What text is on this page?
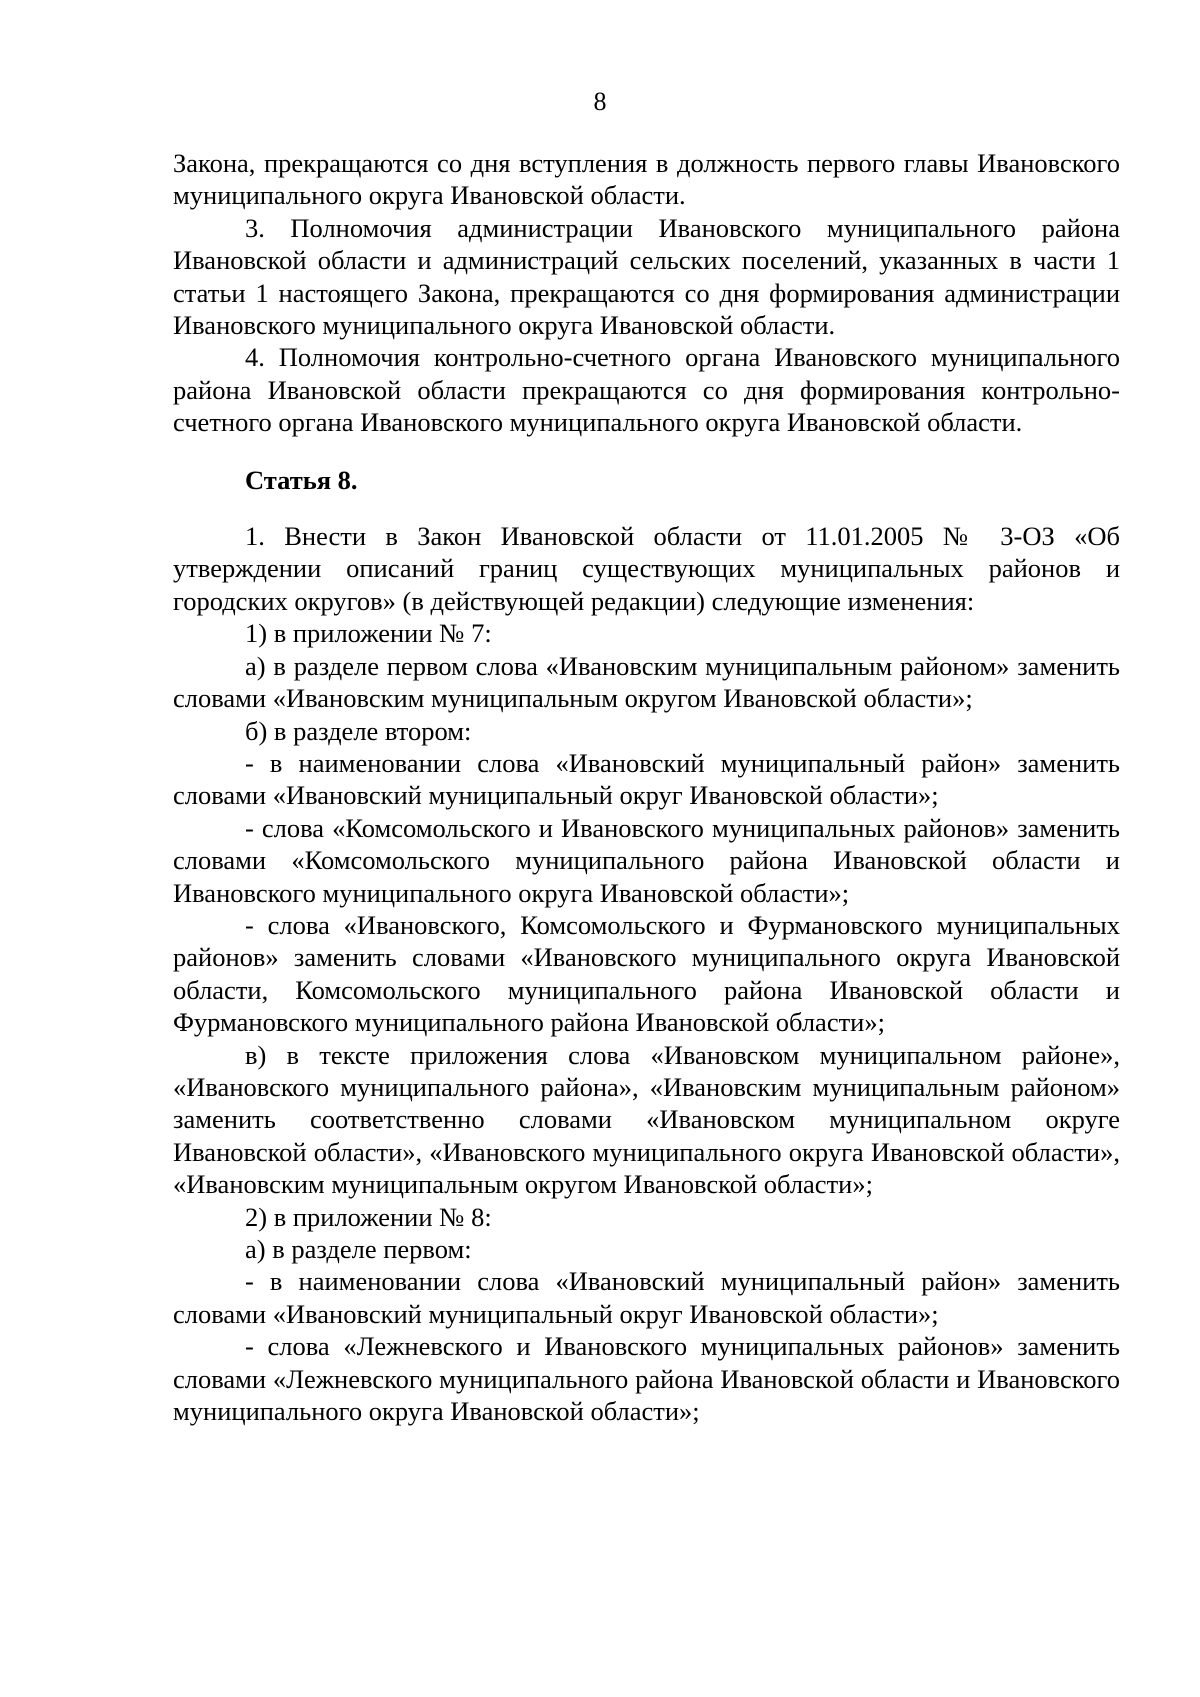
8

Закона, прекращаются со дня вступления в должность первого главы Ивановского муниципального округа Ивановской области.

3. Полномочия администрации Ивановского муниципального района Ивановской области и администраций сельских поселений, указанных в части 1 статьи 1 настоящего Закона, прекращаются со дня формирования администрации Ивановского муниципального округа Ивановской области.

4. Полномочия контрольно-счетного органа Ивановского муниципального района Ивановской области прекращаются со дня формирования контрольно-счетного органа Ивановского муниципального округа Ивановской области.

Статья 8.

1. Внести в Закон Ивановской области от 11.01.2005 № 3-ОЗ «Об утверждении описаний границ существующих муниципальных районов и городских округов» (в действующей редакции) следующие изменения:

1) в приложении № 7:

а) в разделе первом слова «Ивановским муниципальным районом» заменить словами «Ивановским муниципальным округом Ивановской области»;

б) в разделе втором:

- в наименовании слова «Ивановский муниципальный район» заменить словами «Ивановский муниципальный округ Ивановской области»;

- слова «Комсомольского и Ивановского муниципальных районов» заменить словами «Комсомольского муниципального района Ивановской области и Ивановского муниципального округа Ивановской области»;

- слова «Ивановского, Комсомольского и Фурмановского муниципальных районов» заменить словами «Ивановского муниципального округа Ивановской области, Комсомольского муниципального района Ивановской области и Фурмановского муниципального района Ивановской области»;

в) в тексте приложения слова «Ивановском муниципальном районе», «Ивановского муниципального района», «Ивановским муниципальным районом» заменить соответственно словами «Ивановском муниципальном округе Ивановской области», «Ивановского муниципального округа Ивановской области», «Ивановским муниципальным округом Ивановской области»;

2) в приложении № 8:

а) в разделе первом:

- в наименовании слова «Ивановский муниципальный район» заменить словами «Ивановский муниципальный округ Ивановской области»;

- слова «Лежневского и Ивановского муниципальных районов» заменить словами «Лежневского муниципального района Ивановской области и Ивановского муниципального округа Ивановской области»;
